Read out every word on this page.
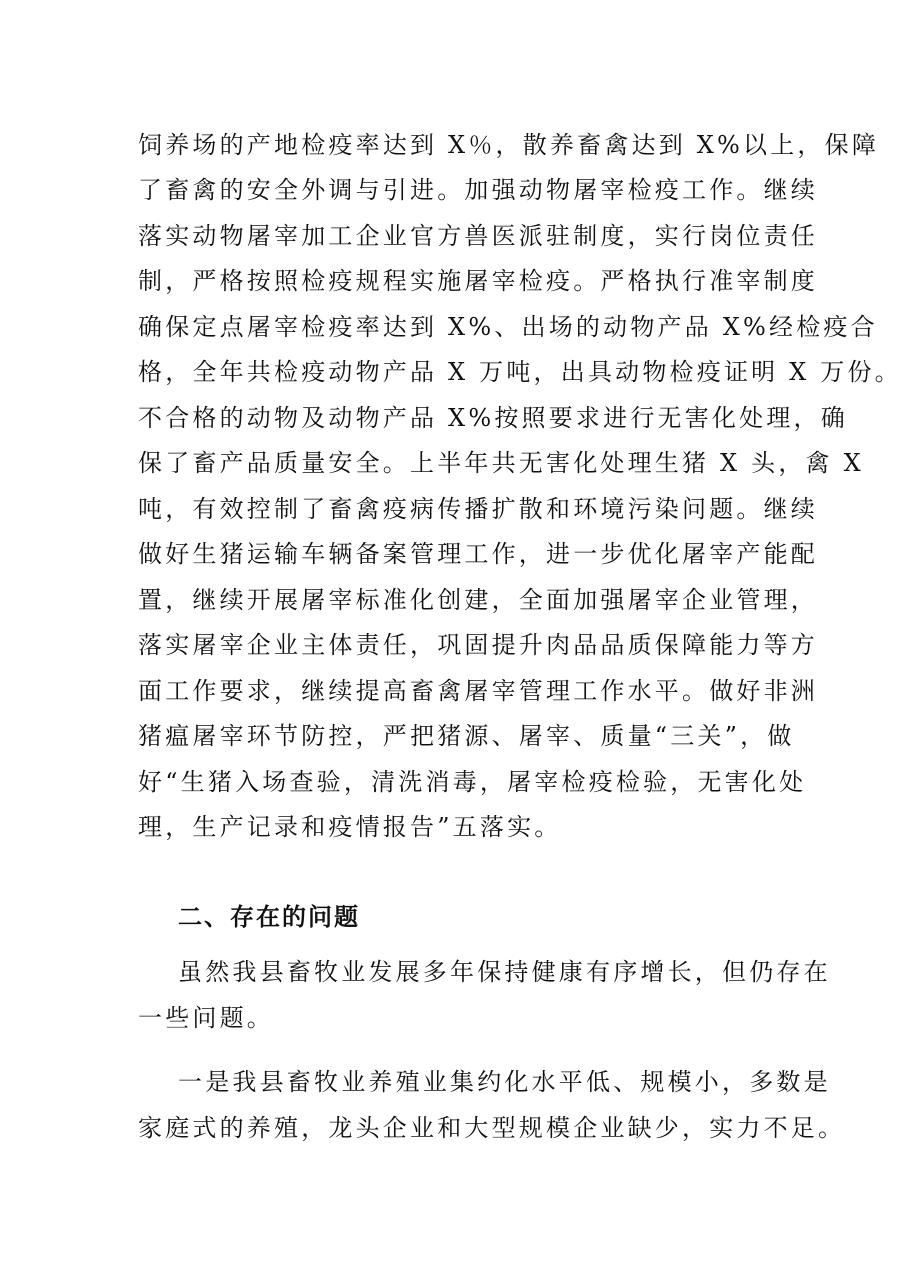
饲养场的产地检疫率达到 X％，散养畜禽达到 X%以上，保障
了畜禽的安全外调与引进。加强动物屠宰检疫工作。继续
落实动物屠宰加工企业官方兽医派驻制度，实行岗位责任
制，严格按照检疫规程实施屠宰检疫。严格执行准宰制度
确保定点屠宰检疫率达到 X%、出场的动物产品 X%经检疫合
格，全年共检疫动物产品 X 万吨，出具动物检疫证明 X 万份。
不合格的动物及动物产品 X%按照要求进行无害化处理，确
保了畜产品质量安全。上半年共无害化处理生猪 X 头，禽 X
吨，有效控制了畜禽疫病传播扩散和环境污染问题。继续
做好生猪运输车辆备案管理工作，进一步优化屠宰产能配
置，继续开展屠宰标准化创建，全面加强屠宰企业管理，
落实屠宰企业主体责任，巩固提升肉品品质保障能力等方
面工作要求，继续提高畜禽屠宰管理工作水平。做好非洲
猪瘟屠宰环节防控，严把猪源、屠宰、质量“三关”，做
好“生猪入场查验，清洗消毒，屠宰检疫检验，无害化处
理，生产记录和疫情报告”五落实。
二、存在的问题
虽然我县畜牧业发展多年保持健康有序增长，但仍存在
一些问题。
一是我县畜牧业养殖业集约化水平低、规模小，多数是
家庭式的养殖，龙头企业和大型规模企业缺少，实力不足。
